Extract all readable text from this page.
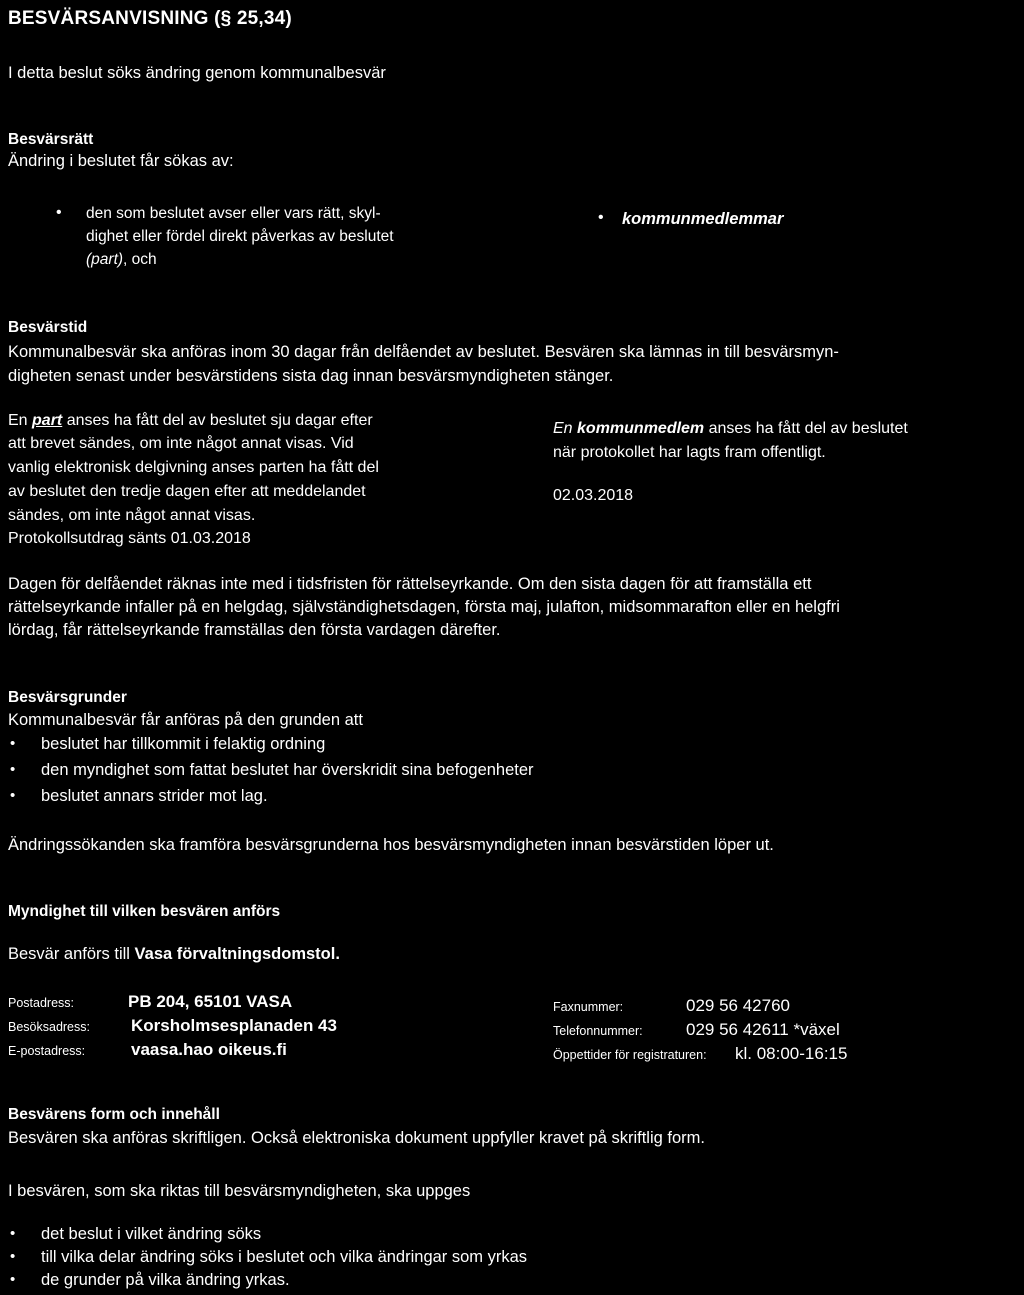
BESVÄRSANVISNING (§ 25,34)
I detta beslut söks ändring genom kommunalbesvär
Besvärsrätt
Ändring i beslutet får sökas av:
• den som beslutet avser eller vars rätt, skyl-
dighet eller fördel direkt påverkas av beslutet
(part), och
• kommunmedlemmar
Besvärstid
Kommunalbesvär ska anföras inom 30 dagar från delfåendet av beslutet. Besvären ska lämnas in till besvärsmyn-
digheten senast under besvärstidens sista dag innan besvärsmyndigheten stänger.
En part anses ha fått del av beslutet sju dagar efter
att brevet sändes, om inte något annat visas. Vid
vanlig elektronisk delgivning anses parten ha fått del
av beslutet den tredje dagen efter att meddelandet
sändes, om inte något annat visas.
Protokollsutdrag sänts 01.03.2018
En kommunmedlem anses ha fått del av beslutet
när protokollet har lagts fram offentligt.
02.03.2018
Dagen för delfåendet räknas inte med i tidsfristen för rättelseyrkande. Om den sista dagen för att framställa ett
rättelseyrkande infaller på en helgdag, självständighetsdagen, första maj, julafton, midsommarafton eller en helgfri
lördag, får rättelseyrkande framställas den första vardagen därefter.
Besvärsgrunder
Kommunalbesvär får anföras på den grunden att
• beslutet har tillkommit i felaktig ordning
• den myndighet som fattat beslutet har överskridit sina befogenheter
• beslutet annars strider mot lag.
Ändringssökanden ska framföra besvärsgrunderna hos besvärsmyndigheten innan besvärstiden löper ut.
Myndighet till vilken besvären anförs
Besvär anförs till Vasa förvaltningsdomstol.
Postadress:	PB 204, 65101 VASA
Besöksadress: Korsholmsesplanaden 43
E-postadress:	vaasa.hao oikeus.fi
Faxnummer:	029 56 42760
Telefonnummer:	029 56 42611 *växel
Öppettider för registraturen: kl. 08:00-16:15
Besvärens form och innehåll
Besvären ska anföras skriftligen. Också elektroniska dokument uppfyller kravet på skriftlig form.
I besvären, som ska riktas till besvärsmyndigheten, ska uppges
• det beslut i vilket ändring söks
• till vilka delar ändring söks i beslutet och vilka ändringar som yrkas
• de grunder på vilka ändring yrkas.
